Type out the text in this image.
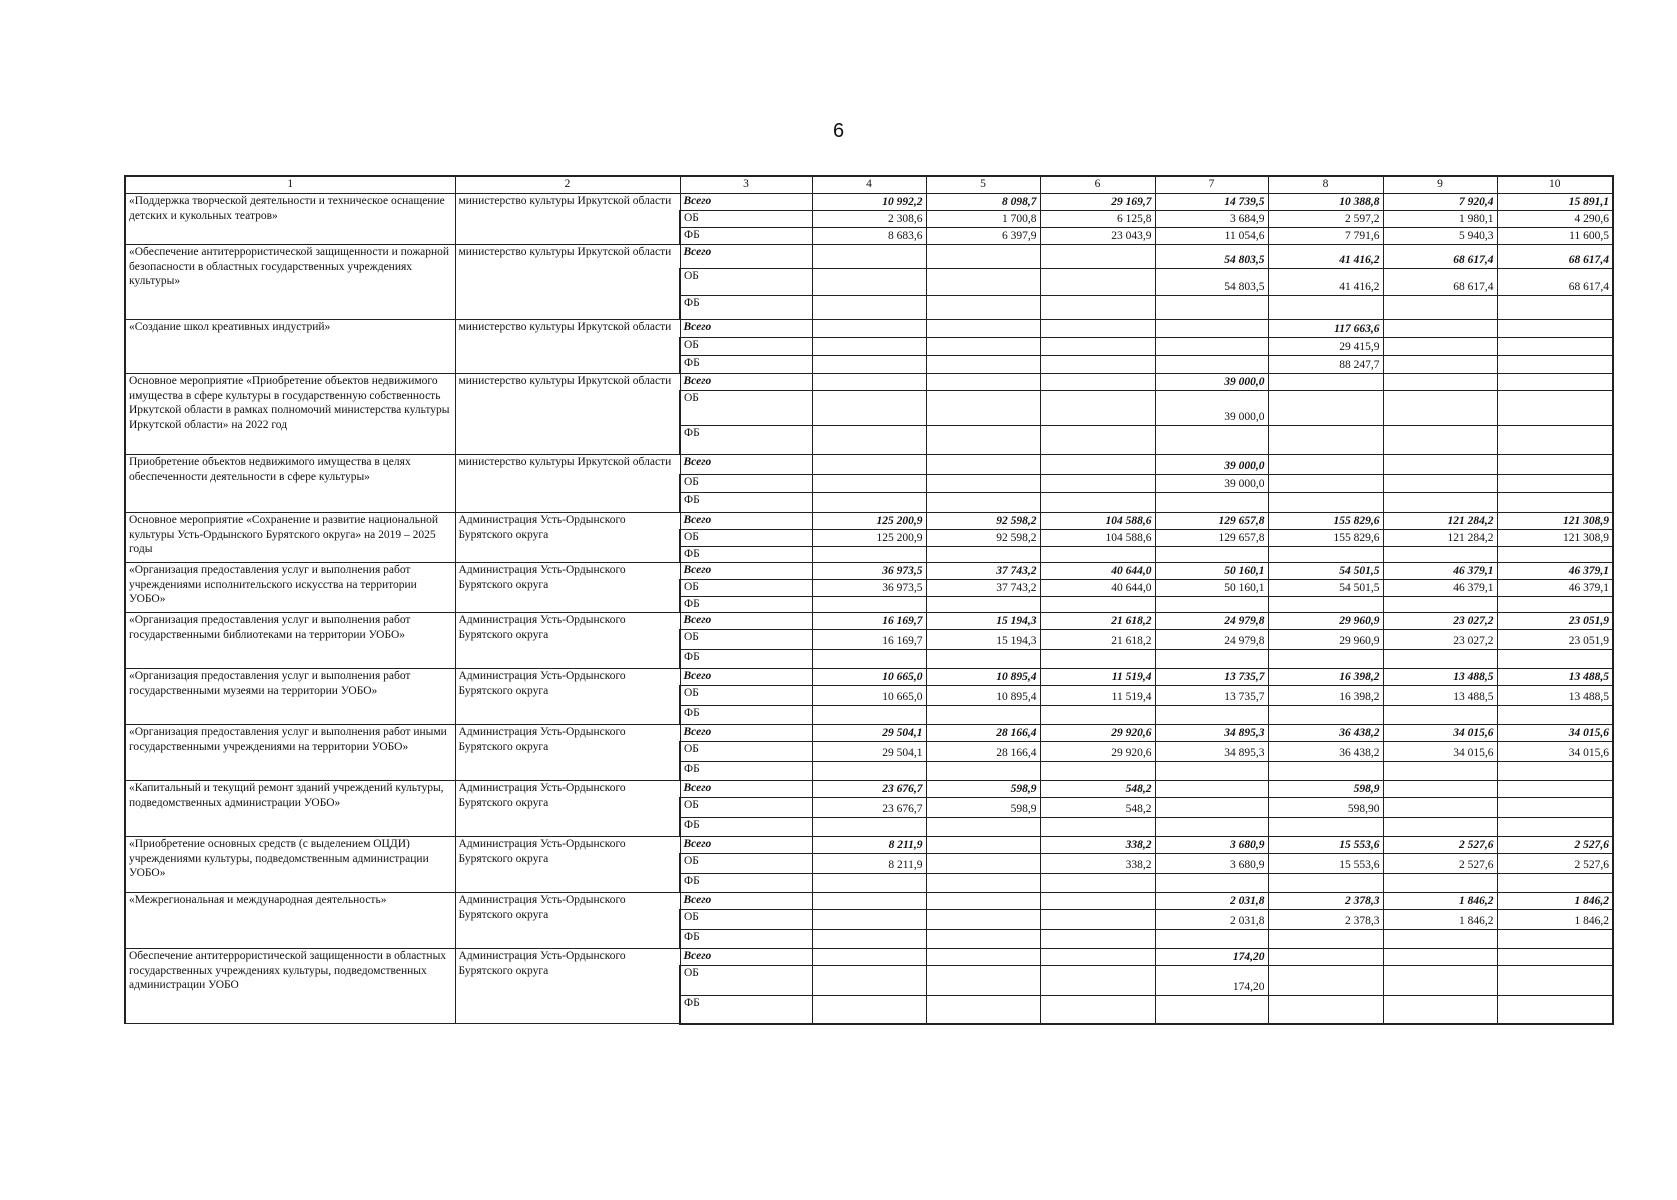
6
1	2	3	4	5	6	7	8	9	10
«Поддержка творческой деятельности и техническое оснащение детских и кукольных театров»	министерство культуры Иркутской области	Всего	10 992,2	8 098,7	29 169,7	14 739,5	10 388,8	7 920,4	15 891,1
		ОБ	2 308,6	1 700,8	6 125,8	3 684,9	2 597,2	1 980,1	4 290,6
		ФБ	8 683,6	6 397,9	23 043,9	11 054,6	7 791,6	5 940,3	11 600,5
«Обеспечение антитеррористической защищенности и пожарной безопасности в областных государственных учреждениях культуры»	министерство культуры Иркутской области	Всего				54 803,5	41 416,2	68 617,4	68 617,4
		ОБ				54 803,5	41 416,2	68 617,4	68 617,4
		ФБ							
«Создание школ креативных индустрий»	министерство культуры Иркутской области	Всего					117 663,6		
		ОБ					29 415,9		
		ФБ					88 247,7		
Основное мероприятие «Приобретение объектов недвижимого имущества в сфере культуры в государственную собственность Иркутской области в рамках полномочий министерства культуры Иркутской области» на 2022 год	министерство культуры Иркутской области	Всего				39 000,0			
		ОБ				39 000,0			
		ФБ							
Приобретение объектов недвижимого имущества в целях обеспеченности деятельности в сфере культуры»	министерство культуры Иркутской области	Всего				39 000,0			
		ОБ				39 000,0			
		ФБ							
Основное мероприятие «Сохранение и развитие национальной культуры Усть-Ордынского Бурятского округа» на 2019 – 2025 годы	Администрация Усть-Ордынского Бурятского округа	Всего	125 200,9	92 598,2	104 588,6	129 657,8	155 829,6	121 284,2	121 308,9
		ОБ	125 200,9	92 598,2	104 588,6	129 657,8	155 829,6	121 284,2	121 308,9
		ФБ							
«Организация предоставления услуг и выполнения работ учреждениями исполнительского искусства на территории УОБО»	Администрация Усть-Ордынского Бурятского округа	Всего	36 973,5	37 743,2	40 644,0	50 160,1	54 501,5	46 379,1	46 379,1
		ОБ	36 973,5	37 743,2	40 644,0	50 160,1	54 501,5	46 379,1	46 379,1
		ФБ							
«Организация предоставления услуг и выполнения работ государственными библиотеками на территории УОБО»	Администрация Усть-Ордынского Бурятского округа	Всего	16 169,7	15 194,3	21 618,2	24 979,8	29 960,9	23 027,2	23 051,9
		ОБ	16 169,7	15 194,3	21 618,2	24 979,8	29 960,9	23 027,2	23 051,9
		ФБ							
«Организация предоставления услуг и выполнения работ государственными музеями на территории УОБО»	Администрация Усть-Ордынского Бурятского округа	Всего	10 665,0	10 895,4	11 519,4	13 735,7	16 398,2	13 488,5	13 488,5
		ОБ	10 665,0	10 895,4	11 519,4	13 735,7	16 398,2	13 488,5	13 488,5
		ФБ							
«Организация предоставления услуг и выполнения работ иными государственными учреждениями на территории УОБО»	Администрация Усть-Ордынского Бурятского округа	Всего	29 504,1	28 166,4	29 920,6	34 895,3	36 438,2	34 015,6	34 015,6
		ОБ	29 504,1	28 166,4	29 920,6	34 895,3	36 438,2	34 015,6	34 015,6
		ФБ							
«Капитальный и текущий ремонт зданий учреждений культуры, подведомственных администрации УОБО»	Администрация Усть-Ордынского Бурятского округа	Всего	23 676,7	598,9	548,2		598,9		
		ОБ	23 676,7	598,9	548,2		598,90		
		ФБ							
«Приобретение основных средств (с выделением ОЦДИ) учреждениями культуры, подведомственным администрации УОБО»	Администрация Усть-Ордынского Бурятского округа	Всего	8 211,9		338,2	3 680,9	15 553,6	2 527,6	2 527,6
		ОБ	8 211,9		338,2	3 680,9	15 553,6	2 527,6	2 527,6
		ФБ							
«Межрегиональная и международная деятельность»	Администрация Усть-Ордынского Бурятского округа	Всего				2 031,8	2 378,3	1 846,2	1 846,2
		ОБ				2 031,8	2 378,3	1 846,2	1 846,2
		ФБ							
Обеспечение антитеррористической защищенности в областных государственных учреждениях культуры, подведомственных администрации УОБО	Администрация Усть-Ордынского Бурятского округа	Всего				174,20			
		ОБ				174,20			
		ФБ							
